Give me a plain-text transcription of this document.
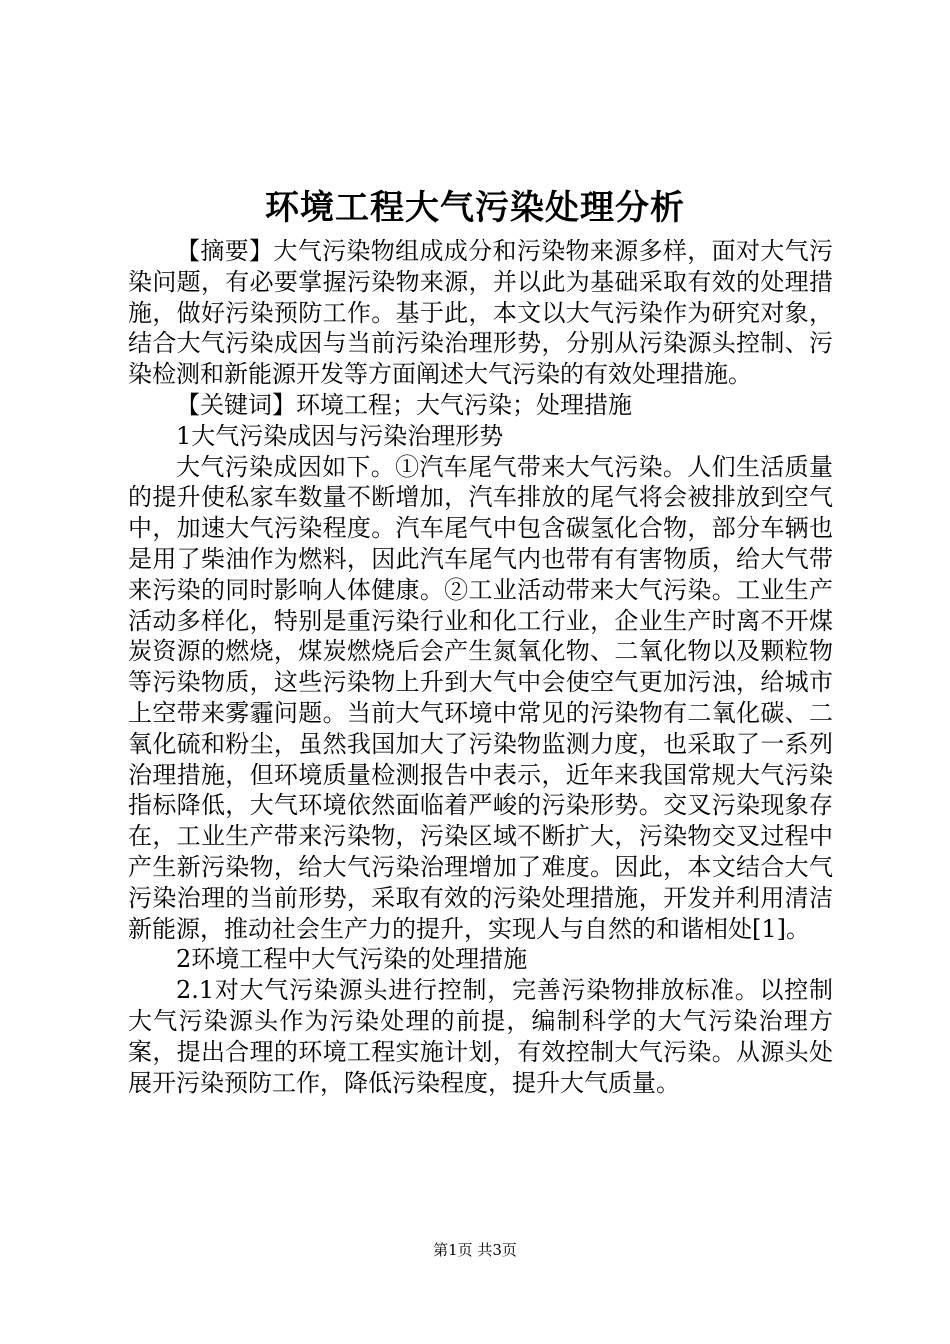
环境工程大气污染处理分析

【摘要】大气污染物组成成分和污染物来源多样，面对大气污染问题，有必要掌握污染物来源，并以此为基础采取有效的处理措施，做好污染预防工作。基于此，本文以大气污染作为研究对象，结合大气污染成因与当前污染治理形势，分别从污染源头控制、污染检测和新能源开发等方面阐述大气污染的有效处理措施。

【关键词】环境工程；大气污染；处理措施

1大气污染成因与污染治理形势

大气污染成因如下。①汽车尾气带来大气污染。人们生活质量的提升使私家车数量不断增加，汽车排放的尾气将会被排放到空气中，加速大气污染程度。汽车尾气中包含碳氢化合物，部分车辆也是用了柴油作为燃料，因此汽车尾气内也带有有害物质，给大气带来污染的同时影响人体健康。②工业活动带来大气污染。工业生产活动多样化，特别是重污染行业和化工行业，企业生产时离不开煤炭资源的燃烧，煤炭燃烧后会产生氮氧化物、二氧化物以及颗粒物等污染物质，这些污染物上升到大气中会使空气更加污浊，给城市上空带来雾霾问题。当前大气环境中常见的污染物有二氧化碳、二氧化硫和粉尘，虽然我国加大了污染物监测力度，也采取了一系列治理措施，但环境质量检测报告中表示，近年来我国常规大气污染指标降低，大气环境依然面临着严峻的污染形势。交叉污染现象存在，工业生产带来污染物，污染区域不断扩大，污染物交叉过程中产生新污染物，给大气污染治理增加了难度。因此，本文结合大气污染治理的当前形势，采取有效的污染处理措施，开发并利用清洁新能源，推动社会生产力的提升，实现人与自然的和谐相处[1]。

2环境工程中大气污染的处理措施

2.1对大气污染源头进行控制，完善污染物排放标准。以控制大气污染源头作为污染处理的前提，编制科学的大气污染治理方案，提出合理的环境工程实施计划，有效控制大气污染。从源头处展开污染预防工作，降低污染程度，提升大气质量。

第1页 共3页
